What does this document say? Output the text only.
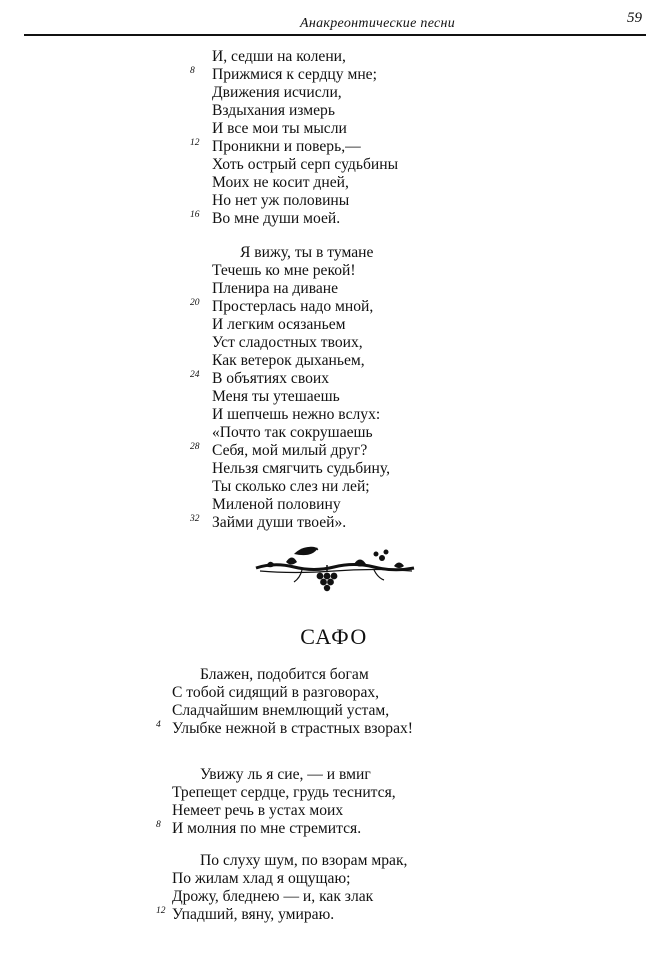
Анакреонтические песни	59
И, седши на колени,
8 Прижмися к сердцу мне;
Движения исчисли,
Вздыхания измерь
И все мои ты мысли
12 Проникни и поверь,—
Хоть острый серп судьбины
Моих не косит дней,
Но нет уж половины
16 Во мне души моей.
Я вижу, ты в тумане
Течешь ко мне рекой!
Пленира на диване
20 Простерлась надо мной,
И легким осязаньем
Уст сладостных твоих,
Как ветерок дыханьем,
24 В объятиях своих
Меня ты утешаешь
И шепчешь нежно вслух:
«Почто так сокрушаешь
28 Себя, мой милый друг?
Нельзя смягчить судьбину,
Ты сколько слез ни лей;
Миленой половину
32 Займи души твоей».
САФО
Блажен, подобится богам
С тобой сидящий в разговорах,
Сладчайшим внемлющий устам,
4 Улыбке нежной в страстных взорах!
Увижу ль я сие, — и вмиг
Трепещет сердце, грудь теснится,
Немеет речь в устах моих
8 И молния по мне стремится.
По слуху шум, по взорам мрак,
По жилам хлад я ощущаю;
Дрожу, бледнею — и, как злак
12 Упадший, вяну, умираю.
